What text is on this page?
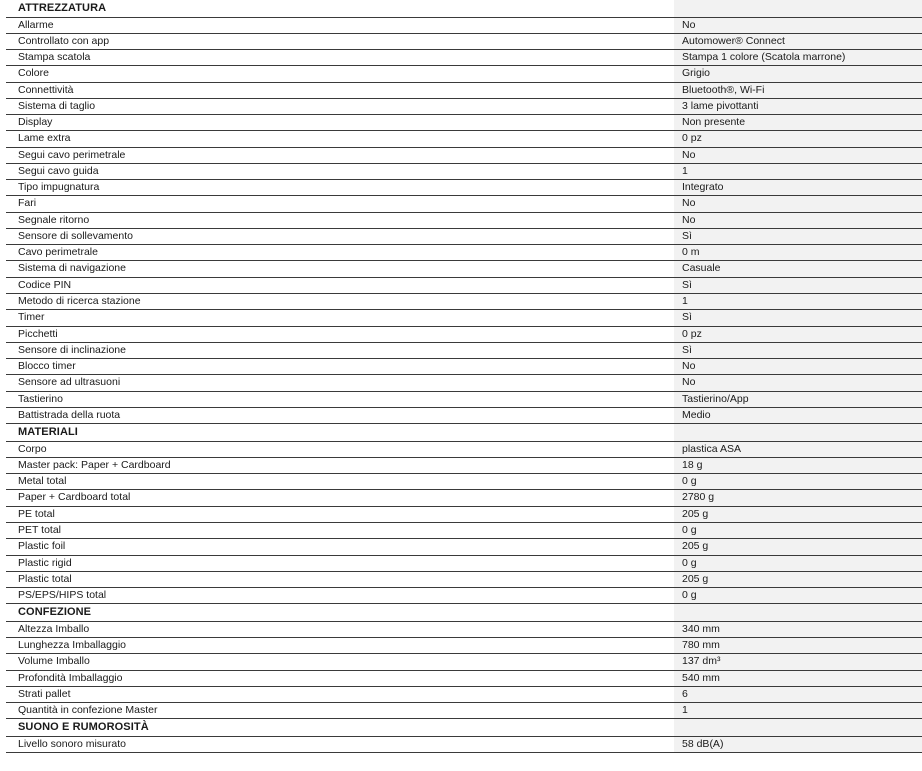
ATTREZZATURA
Allarme	No
Controllato con app	Automower® Connect
Stampa scatola	Stampa 1 colore (Scatola marrone)
Colore	Grigio
Connettività	Bluetooth®, Wi-Fi
Sistema di taglio	3 lame pivottanti
Display	Non presente
Lame extra	0 pz
Segui cavo perimetrale	No
Segui cavo guida	1
Tipo impugnatura	Integrato
Fari	No
Segnale ritorno	No
Sensore di sollevamento	Sì
Cavo perimetrale	0 m
Sistema di navigazione	Casuale
Codice PIN	Sì
Metodo di ricerca stazione	1
Timer	Sì
Picchetti	0 pz
Sensore di inclinazione	Sì
Blocco timer	No
Sensore ad ultrasuoni	No
Tastierino	Tastierino/App
Battistrada della ruota	Medio
MATERIALI
Corpo	plastica ASA
Master pack: Paper + Cardboard	18 g
Metal total	0 g
Paper + Cardboard total	2780 g
PE total	205 g
PET total	0 g
Plastic foil	205 g
Plastic rigid	0 g
Plastic total	205 g
PS/EPS/HIPS total	0 g
CONFEZIONE
Altezza Imballo	340 mm
Lunghezza Imballaggio	780 mm
Volume Imballo	137 dm³
Profondità Imballaggio	540 mm
Strati pallet	6
Quantità in confezione Master	1
SUONO E RUMOROSITÀ
Livello sonoro misurato	58 dB(A)
